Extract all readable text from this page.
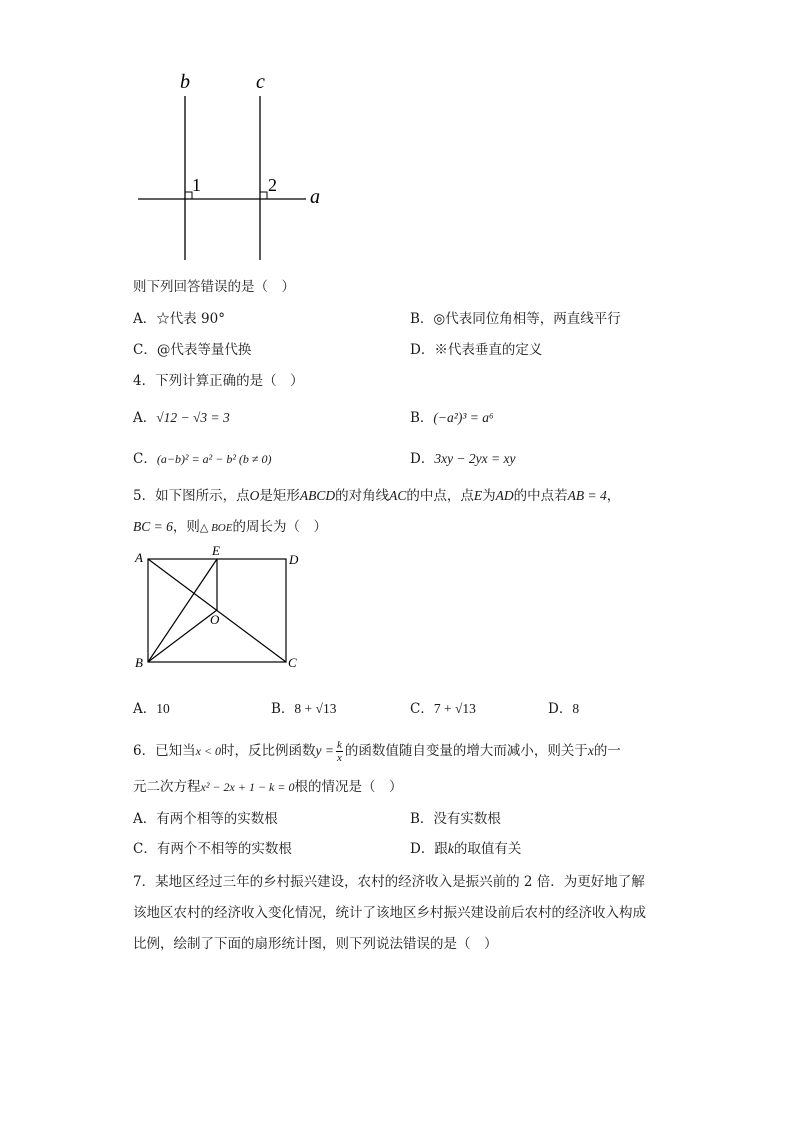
b	c
a
1	2
则下列回答错误的是（　）
A．☆代表 90°	B．◎代表同位角相等，两直线平行
C．@代表等量代换	D．※代表垂直的定义
4．下列计算正确的是（　）
A．√12 − √3 = 3	B．(−a²)³ = a⁶
C．(a−b)² = a² − b² (b ≠ 0)	D．3xy − 2yx = xy
5．如下图所示，点O是矩形ABCD的对角线AC的中点，点E为AD的中点若AB = 4，
BC = 6，则△ BOE的周长为（　）
A	E
D
O
B	C
A．10	B．8 + √13	C．7 + √13	D．8
6．已知当x < 0时，反比例函数$y = \frac{k}{x}$ 的函数值随自变量的增大而减小，则关于x的一
元二次方程x² − 2x + 1 − k = 0根的情况是（　）
A．有两个相等的实数根	B．没有实数根
C．有两个不相等的实数根	D．跟k的取值有关
7．某地区经过三年的乡村振兴建设，农村的经济收入是振兴前的 2 倍．为更好地了解
该地区农村的经济收入变化情况，统计了该地区乡村振兴建设前后农村的经济收入构成
比例，绘制了下面的扇形统计图，则下列说法错误的是（　）
